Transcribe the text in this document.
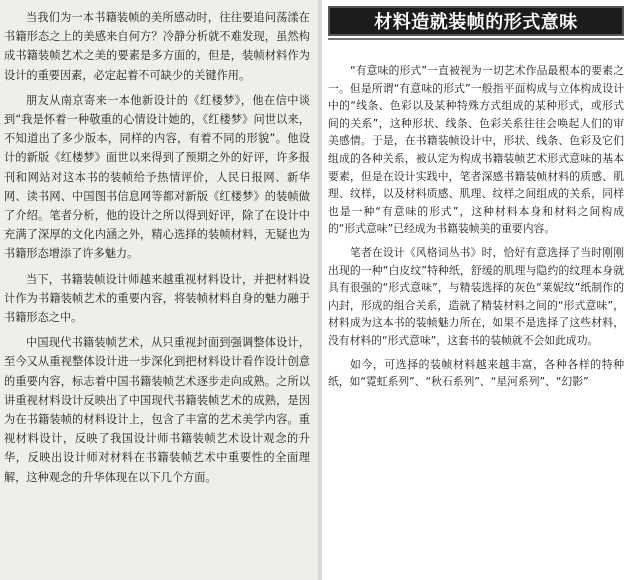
当我们为一本书籍装帧的美所感动时，往往要追问荡漾在书籍形态之上的美感来自何方？冷静分析就不难发现，虽然构成书籍装帧艺术之美的要素是多方面的，但是，装帧材料作为设计的重要因素，必定起着不可缺少的关键作用。

朋友从南京寄来一本他新设计的《红楼梦》，他在信中谈到“我是怀着一种敬重的心情设计她的，《红楼梦》问世以来，不知道出了多少版本，同样的内容，有着不同的形貌”。他设计的新版《红楼梦》面世以来得到了预期之外的好评，许多报刊和网站对这本书的装帧给予热情评价，人民日报网、新华网、读书网、中国图书信息网等都对新版《红楼梦》的装帧做了介绍。笔者分析，他的设计之所以得到好评，除了在设计中充满了深厚的文化内涵之外，精心选择的装帧材料，无疑也为书籍形态增添了许多魅力。

当下，书籍装帧设计师越来越重视材料设计，并把材料设计作为书籍装帧艺术的重要内容，将装帧材料自身的魅力融于书籍形态之中。

中国现代书籍装帧艺术，从只重视封面到强调整体设计，至今又从重视整体设计进一步深化到把材料设计看作设计创意的重要内容，标志着中国书籍装帧艺术逐步走向成熟。之所以讲重视材料设计反映出了中国现代书籍装帧艺术的成熟，是因为在书籍装帧的材料设计上，包含了丰富的艺术美学内容。重视材料设计，反映了我国设计师书籍装帧艺术设计观念的升华，反映出设计师对材料在书籍装帧艺术中重要性的全面理解，这种观念的升华体现在以下几个方面。

材料造就装帧的形式意味

“有意味的形式”一直被视为一切艺术作品最根本的要素之一。但是所谓“有意味的形式”一般指平面构成与立体构成设计中的“线条、色彩以及某种特殊方式组成的某种形式，或形式间的关系”，这种形状、线条、色彩关系往往会唤起人们的审美感情。于是，在书籍装帧设计中，形状、线条、色彩及它们组成的各种关系，被认定为构成书籍装帧艺术形式意味的基本要素，但是在设计实践中，笔者深感书籍装帧材料的质感、肌理、纹样，以及材料质感、肌理、纹样之间组成的关系，同样也是一种“有意味的形式”，这种材料本身和材料之间构成的“形式意味”已经成为书籍装帧美的重要内容。

笔者在设计《风格词丛书》时，恰好有意选择了当时刚刚出现的一种“白皮纹”特种纸，舒缓的肌理与隐约的纹理本身就具有很强的“形式意味”，与精装选择的灰色“莱妮纹”纸制作的内封，形成的组合关系，造就了精装材料之间的“形式意味”，材料成为这本书的装帧魅力所在，如果不是选择了这些材料，没有材料的“形式意味”，这套书的装帧就不会如此成功。

如今，可选择的装帧材料越来越丰富，各种各样的特种纸，如“霓虹系列”、“秋石系列”、“星河系列”、“幻影”
